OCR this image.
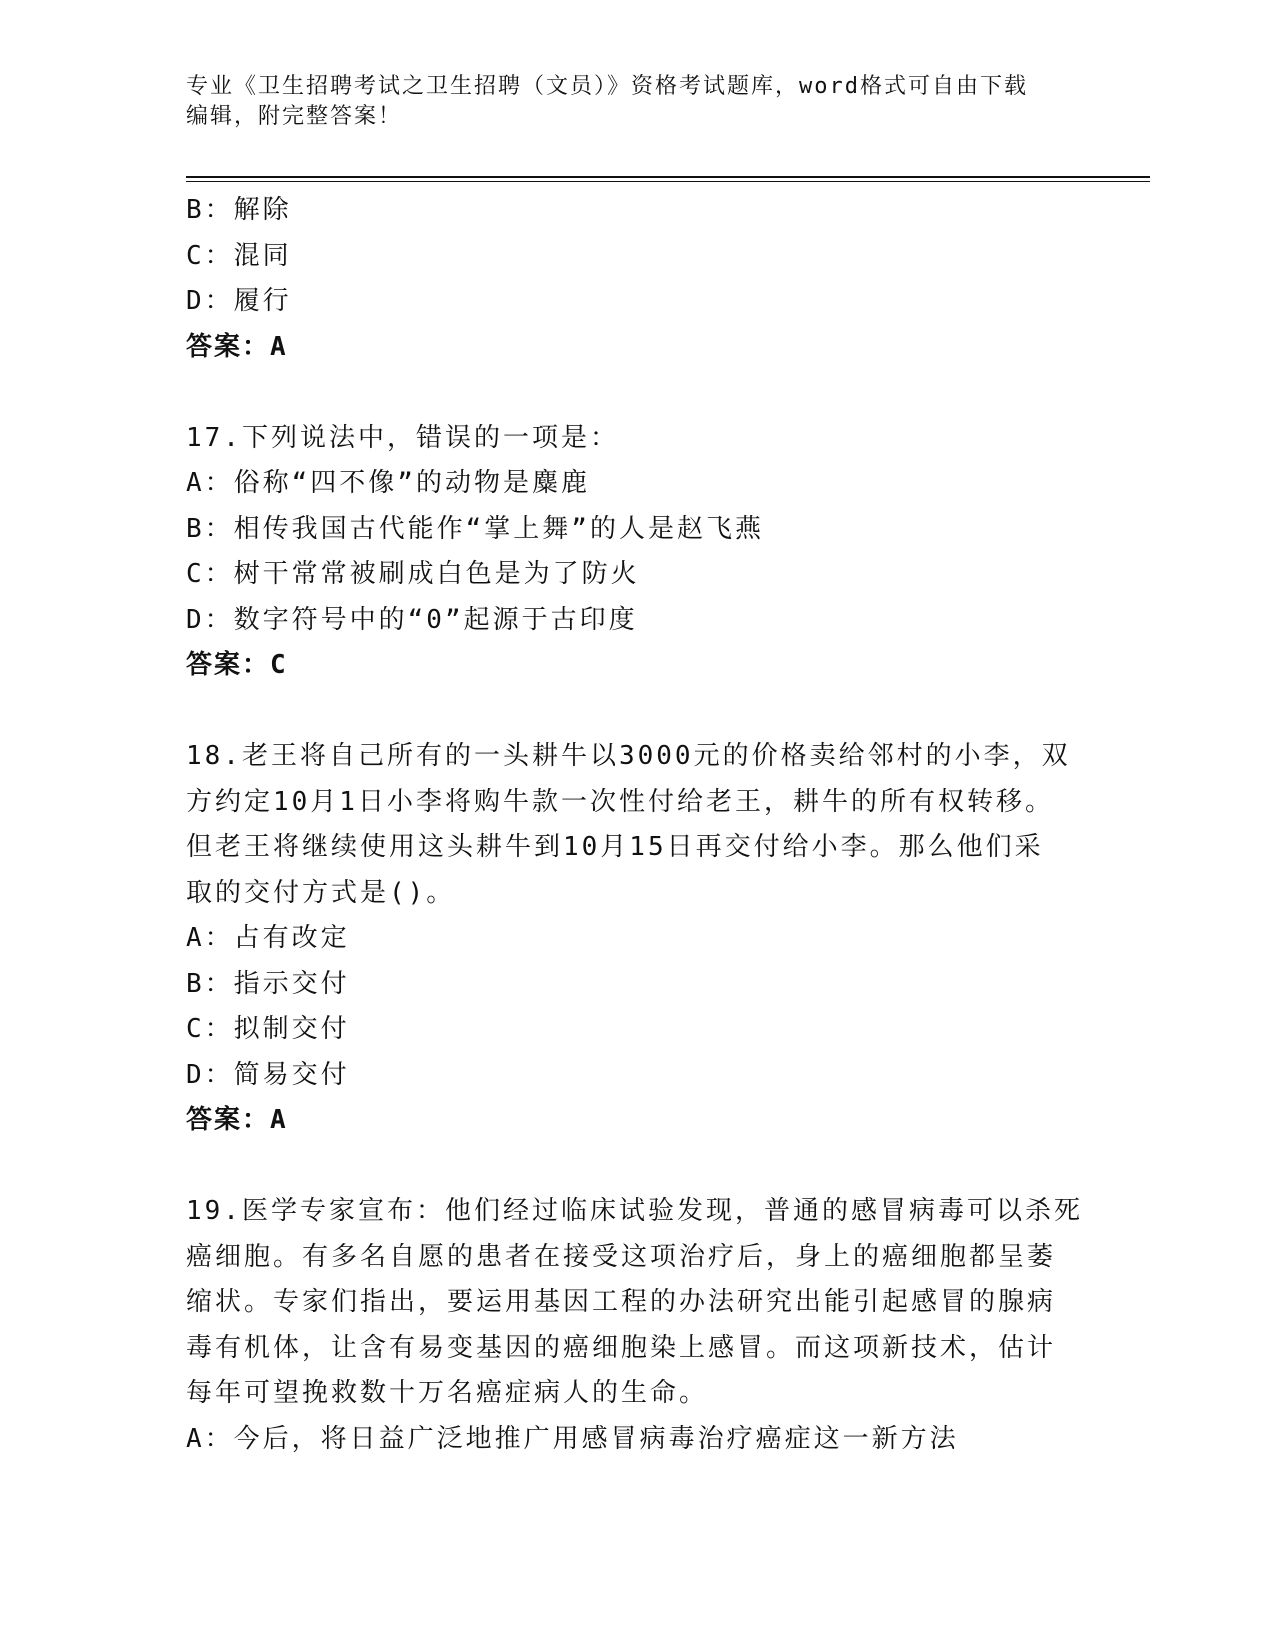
专业《卫生招聘考试之卫生招聘（文员）》资格考试题库，word格式可自由下载
编辑，附完整答案！
B：解除
C：混同
D：履行
答案：A
17.下列说法中，错误的一项是：
A：俗称“四不像”的动物是麋鹿
B：相传我国古代能作“掌上舞”的人是赵飞燕
C：树干常常被刷成白色是为了防火
D：数字符号中的“0”起源于古印度
答案：C
18.老王将自己所有的一头耕牛以3000元的价格卖给邻村的小李，双
方约定10月1日小李将购牛款一次性付给老王，耕牛的所有权转移。
但老王将继续使用这头耕牛到10月15日再交付给小李。那么他们采
取的交付方式是()。
A：占有改定
B：指示交付
C：拟制交付
D：简易交付
答案：A
19.医学专家宣布：他们经过临床试验发现，普通的感冒病毒可以杀死
癌细胞。有多名自愿的患者在接受这项治疗后，身上的癌细胞都呈萎
缩状。专家们指出，要运用基因工程的办法研究出能引起感冒的腺病
毒有机体，让含有易变基因的癌细胞染上感冒。而这项新技术，估计
每年可望挽救数十万名癌症病人的生命。
A：今后，将日益广泛地推广用感冒病毒治疗癌症这一新方法
